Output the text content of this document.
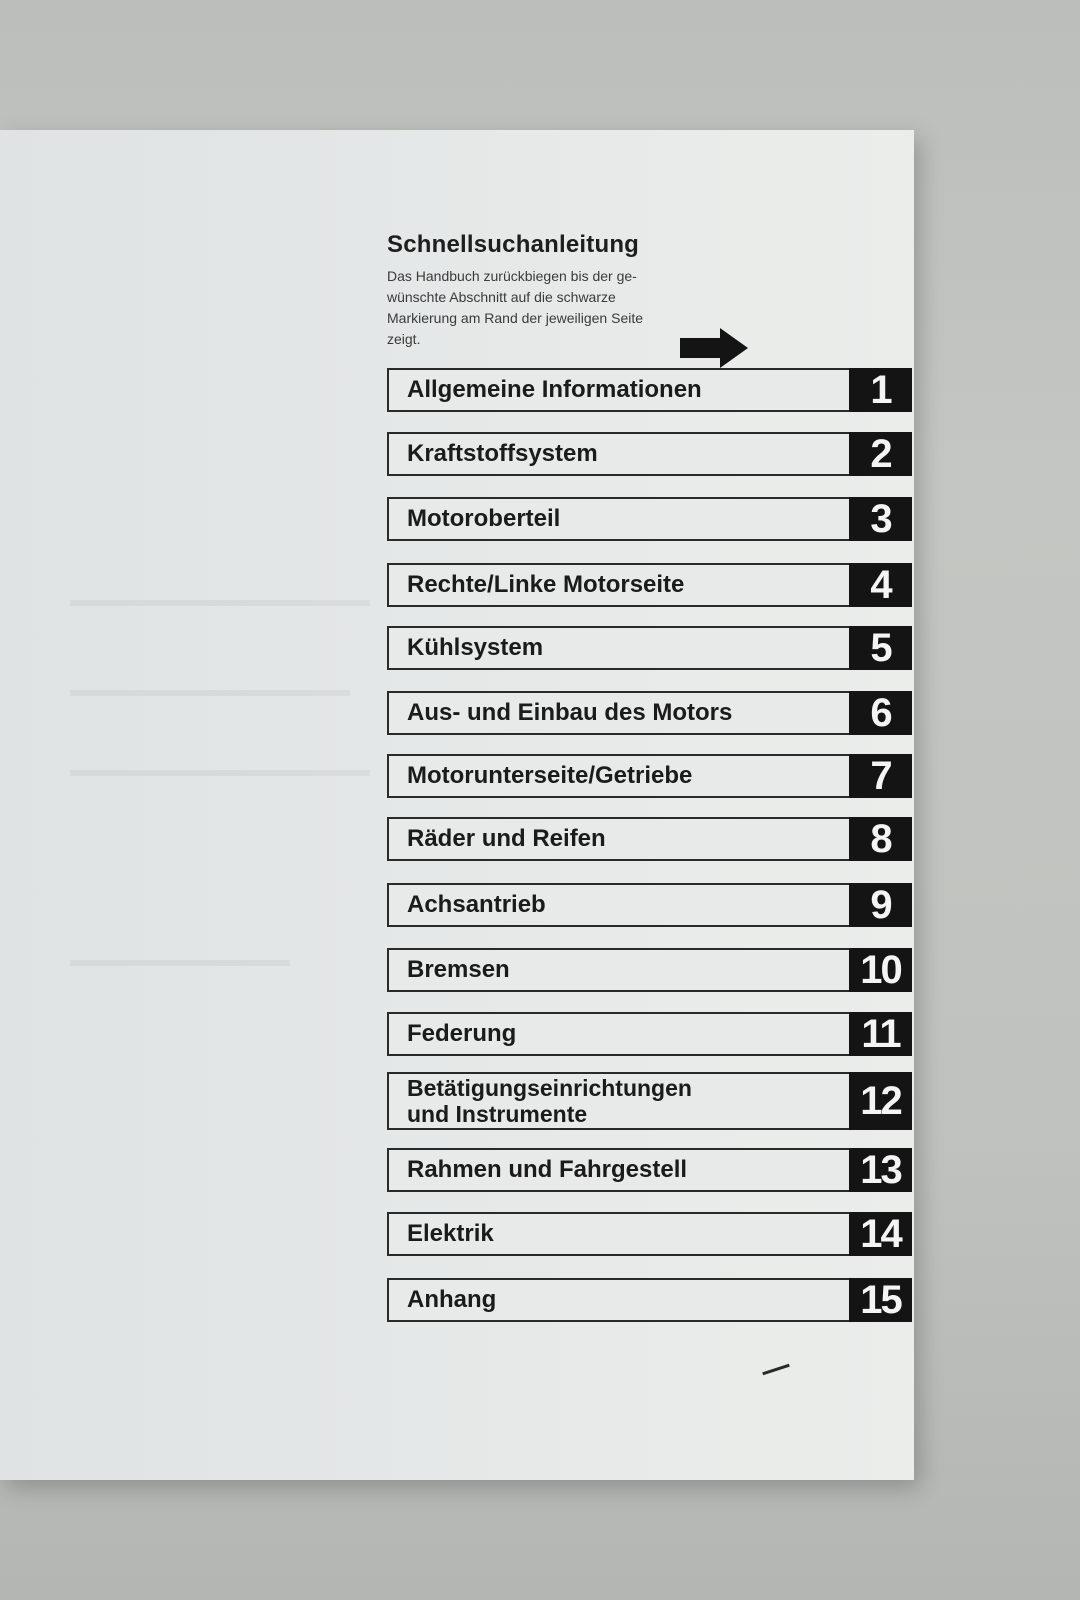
Schnellsuchanleitung

Das Handbuch zurückbiegen bis der ge-
wünschte Abschnitt auf die schwarze
Markierung am Rand der jeweiligen Seite
zeigt.

Allgemeine Informationen	1
Kraftstoffsystem	2
Motoroberteil	3
Rechte/Linke Motorseite	4
Kühlsystem	5
Aus- und Einbau des Motors	6
Motorunterseite/Getriebe	7
Räder und Reifen	8
Achsantrieb	9
Bremsen	10
Federung	11
Betätigungseinrichtungen
und Instrumente	12
Rahmen und Fahrgestell	13
Elektrik	14
Anhang	15
